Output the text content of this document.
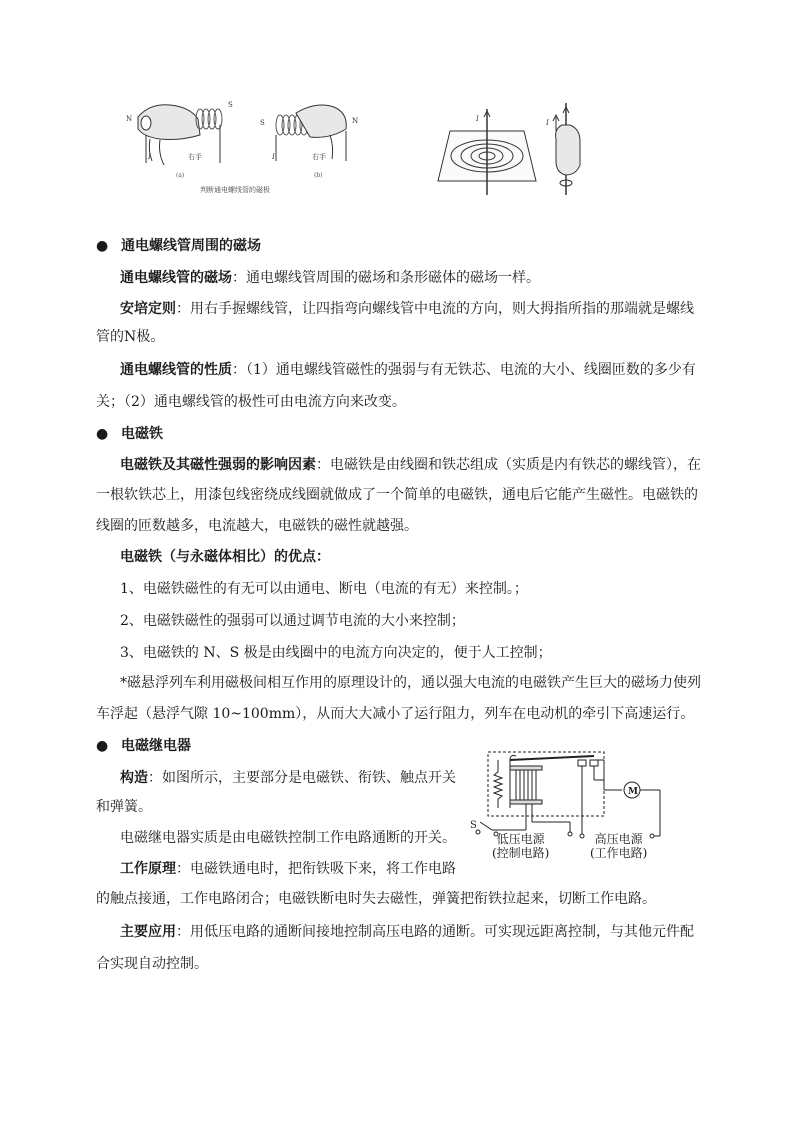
N
S
I	右手
S	N
I	右手
I	I
(a)	(b)
判断通电螺线管的磁极
● 通电螺线管周围的磁场
通电螺线管的磁场：通电螺线管周围的磁场和条形磁体的磁场一样。
安培定则：用右手握螺线管，让四指弯向螺线管中电流的方向，则大拇指所指的那端就是螺线
管的N极。
通电螺线管的性质：（1）通电螺线管磁性的强弱与有无铁芯、电流的大小、线圈匝数的多少有
关；（2）通电螺线管的极性可由电流方向来改变。
● 电磁铁
电磁铁及其磁性强弱的影响因素：电磁铁是由线圈和铁芯组成（实质是内有铁芯的螺线管），在
一根软铁芯上，用漆包线密绕成线圈就做成了一个简单的电磁铁，通电后它能产生磁性。电磁铁的
线圈的匝数越多，电流越大，电磁铁的磁性就越强。
电磁铁（与永磁体相比）的优点：
1、电磁铁磁性的有无可以由通电、断电（电流的有无）来控制。；
2、电磁铁磁性的强弱可以通过调节电流的大小来控制；
3、电磁铁的 N、S 极是由线圈中的电流方向决定的，便于人工控制；
*磁悬浮列车利用磁极间相互作用的原理设计的，通以强大电流的电磁铁产生巨大的磁场力使列
车浮起（悬浮气隙 10~100mm），从而大大减小了运行阻力，列车在电动机的牵引下高速运行。
● 电磁继电器
构造：如图所示，主要部分是电磁铁、衔铁、触点开关
和弹簧。
电磁继电器实质是由电磁铁控制工作电路通断的开关。
工作原理：电磁铁通电时，把衔铁吸下来，将工作电路
的触点接通，工作电路闭合；电磁铁断电时失去磁性，弹簧把衔铁拉起来，切断工作电路。
主要应用：用低压电路的通断间接地控制高压电路的通断。可实现远距离控制，与其他元件配
合实现自动控制。
M
S
低压电源
(控制电路)
高压电源
(工作电路)
